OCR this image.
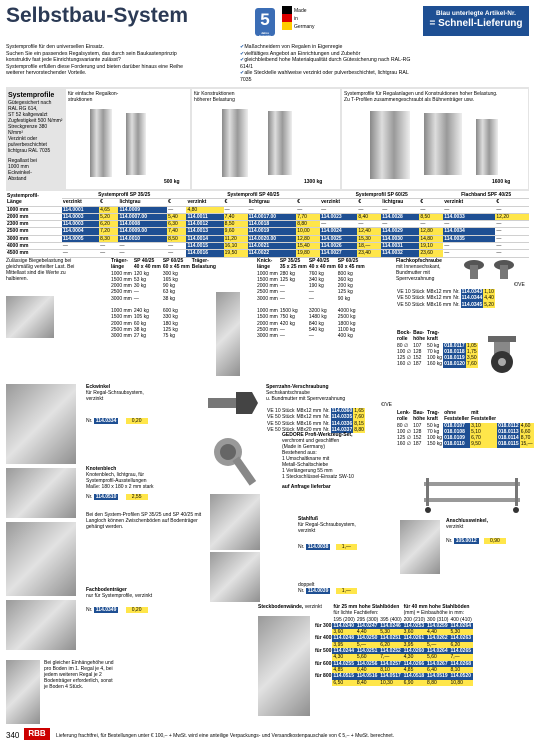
Selbstbau-System	5
Jahre Garantie
Made
in
Germany
Blau unterlegte Artikel-Nr.
= Schnell-Lieferung
Systemprofile für den universellen Einsatz.
Suchen Sie ein passendes Regalsystem, das durch sein Baukastenprinzip konstruktiv fast jede Einrichtungsvariante zulässt?
Systemprofile erfüllen diese Forderung und bieten darüber hinaus eine Reihe weiterer hervorstechender Vorteile.
✔ Maßschneidern von Regalen in Eigenregie
✔ vielfältiges Angebot an Einrichtungen und Zubehör
✔ gleichbleibend hohe Materialqualität durch Gütesicherung nach RAL-RG 614/1
✔ alle Stecktelle wahlweise verzinkt oder pulverbeschichtet, lichtgrau RAL 7035
Systemprofile
Gütegesichert nach
RAL RG 614,
ST 52 kaltgewalzt
Zugfestigkeit 500 N/mm²
Streckgrenze 380 N/mm²
Verzinkt oder
pulverbeschichtet
lichtgrau RAL 7035
Regallast bei
1000 mm
Eckwinkel-
Abstand
für einfache Regalkon-
struktionen
500 kg
für Konstruktionen
höherer Belastung
1300 kg
Systemprofile für Regalanlagen und Konstruktionen hoher Belastung.
Zu T-Profilen zusammengeschraubt als Bühnenträger usw.
1600 kg
Systemprofil-
Länge	Systemprofil SP 35/25				Systemprofil SP 40/25				Systemprofil SP 60/25				Flachband SPF 40/25	
	verzinkt	€	lichtgrau	€	verzinkt	€	lichtgrau	€	verzinkt	€	lichtgrau	€	verzinkt	€
1000 mm	114.0001	4,65	114.0009	—	4,80	—	—	—	—	—	—	—	—	—
2000 mm	114.0003	5,20	114.0007.00	5,40	114.0011	7,40	114.0017.00	7,70	114.0023	8,40	114.0028	8,50	114.0033	12,20
2300 mm	114.0003	6,20	114.0008	6,30	114.0012	8,50	114.0018	8,80	—	—	—	—	—	—
2500 mm	114.0004	7,20	114.0009.00	7,40	114.0013	9,60	114.0019	10,00	114.0024	12,40	114.0029	12,80	114.0034	—
3000 mm	114.0005	8,30	114.0010	8,50	114.0014	11,20	114.0020.00	12,80	114.0025	15,30	114.0030	14,80	114.0035	—
4000 mm	—	—	—	—	114.0015	16,10	114.0021	15,40	114.0026	18,—	114.0031	19,10	—	—
4500 mm	—	—	—	—	114.0016	19,50	114.0022	19,80	114.0027	23,40	114.0032	23,60	—	—
Zulässige Biegebelastung bei gleichmäßig verteilter Last. Bei Mittellast sind die Werte zu halbieren.
Träger-
länge	SP 40/25
40 x 40 mm	SP 60/25
60 x 45 mm	Träger-
Belastung
1000 mm	120 kg	300 kg	
1500 mm	53 kg	165 kg	
2000 mm	30 kg	90 kg	
2500 mm	—	63 kg	
3000 mm	—	38 kg	

1000 mm	240 kg	600 kg	
1500 mm	105 kg	330 kg	
2000 mm	60 kg	180 kg	
2500 mm	38 kg	125 kg	
3000 mm	27 kg	75 kg	
Knick-
länge	SP 35/25
35 x 25 mm	SP 40/25
40 x 40 mm	SP 60/25
60 x 45 mm
1000 mm	280 kg	760 kg	800 kg
1500 mm	125 kg	340 kg	360 kg
2000 mm	—	190 kg	200 kg
2500 mm	—	—	125 kg
3000 mm	—	—	90 kg

1000 mm	1500 kg	3200 kg	4000 kg
1500 mm	750 kg	1480 kg	2500 kg
2000 mm	420 kg	840 kg	1800 kg
2500 mm	—	540 kg	1100 kg
3000 mm	—	—	400 kg
Flachkopfschraube
mit Innensechskant,
Bundmutter mit
Sperrverzahnung
€/VE
VE 10 Stück	M8x12 mm	Nr.	114.0343	1,10
VE 50 Stück	M8x12 mm	Nr.	114.0344	4,40
VE 50 Stück	M8x16 mm	Nr.	114.0345	5,20
Eckwinkel
für Regal-Schraubsystem,
verzinkt
Nr. 114.0334	0,20
Knotenblech
Knotenblech, lichtgrau, für
Systemprofil-Ausstellungen
Maße: 180 x 180 x 2 mm stark
Nr. 114.0510	2,55
Bei den System-Profilen SP 35/25 und SP 40/25 mit Langloch können Zwischenböden auf Bodenträger gehängt werden.
Fachbodenträger
nur für Systemprofile, verzinkt
Nr. 114.0349	0,20
Bei gleicher Einhängehöhe und pro Boden im 1. Regal je 4, bei jedem weiteren Regal je 2 Bodenträger erforderlich, sonst je Boden 4 Stück.
Sperrzahn-Verschraubung
Sechskantschraube
u. Bundmutter mit Sperrverzahnung
€/VE
VE 10 Stück	M8x12 mm	Nr.	114.0360	1,65
VE 50 Stück	M8x12 mm	Nr.	114.0335	7,60
VE 50 Stück	M8x16 mm	Nr.	114.0336	8,15
VE 50 Stück	M8x20 mm	Nr.	114.0337	8,80
GEDORE Profi-Werkzeug-Set,
verchromt und geschliffen
(Made in Germany)
Bestehend aus:
1 Umschaltknarre mit
Metall-Schaltschiebe
1 Verlängerung 55 mm
1 Steckschlüssel-Einsatz SW-10
auf Anfrage lieferbar
Stahlfuß
für Regal-Schraubsystem,
verzinkt
Nr. 114.0038	1,—
doppelt
Nr. 114.0039	1,—
Bock-
rolle	Bau-
höhe	Trag-
kraft		
80 ∅	107	50 kg	018.0117	1,05
100 ∅	128	70 kg	018.0118	1,75
125 ∅	152	100 kg	018.0119	3,50
160 ∅	187	160 kg	018.0120	7,60
Lenk-
rolle	Bau-
höhe	Trag-
kraft	ohne
Feststeller	mit
Feststeller		
80 ∅	107	50 kg	018.0107	3,10	018.0112	4,60
100 ∅	128	70 kg	018.0108	5,10	018.0113	6,60
125 ∅	152	100 kg	018.0109	6,70	018.0114	8,70
160 ∅	187	150 kg	018.0110	9,50	018.0115	15,—
Anschlusswinkel,
verzinkt
Nr. 105.0012	0,90
Steckbodenwände, verzinkt
		für 25 mm hohe Stahlböden			für 40 mm hohe Stahlböden		
	für lichte Fachtiefen:			(mm) = Einbauhöhe in mm:		
	195 (200)	295 (300)	395 (400)	200 (210)	300 (310)	400 (410)
für 300	114.0240	114.0247	114.0246	114.0253	114.0259	114.0264
	3,60	4,40	5,30	3,60	4,40	5,30
für 400	114.0248	114.0250	114.0251	114.0261	114.0262	114.0263
	3,95	5,—	6,20	3,95	5,—	6,20
für 500	114.0244	114.0251	114.0252	114.0260	114.0264	114.0265
	4,30	5,60	7,—	4,30	5,60	7,—
für 600	114.0255	114.0256	114.0257	114.0266	114.0267	114.0268
	4,85	6,40	8,10	4,85	6,40	8,10
für 800	114.0515	114.0516	114.0517	114.0518	114.0519	114.0520
	6,50	8,40	10,30	6,90	8,80	10,80
340	RBB	Lieferung frachtfrei, für Bestellungen unter € 100,– + MwSt. wird eine anteilige Verpackungs- und Versandkostenpauschale von € 5,– + MwSt. berechnet.
